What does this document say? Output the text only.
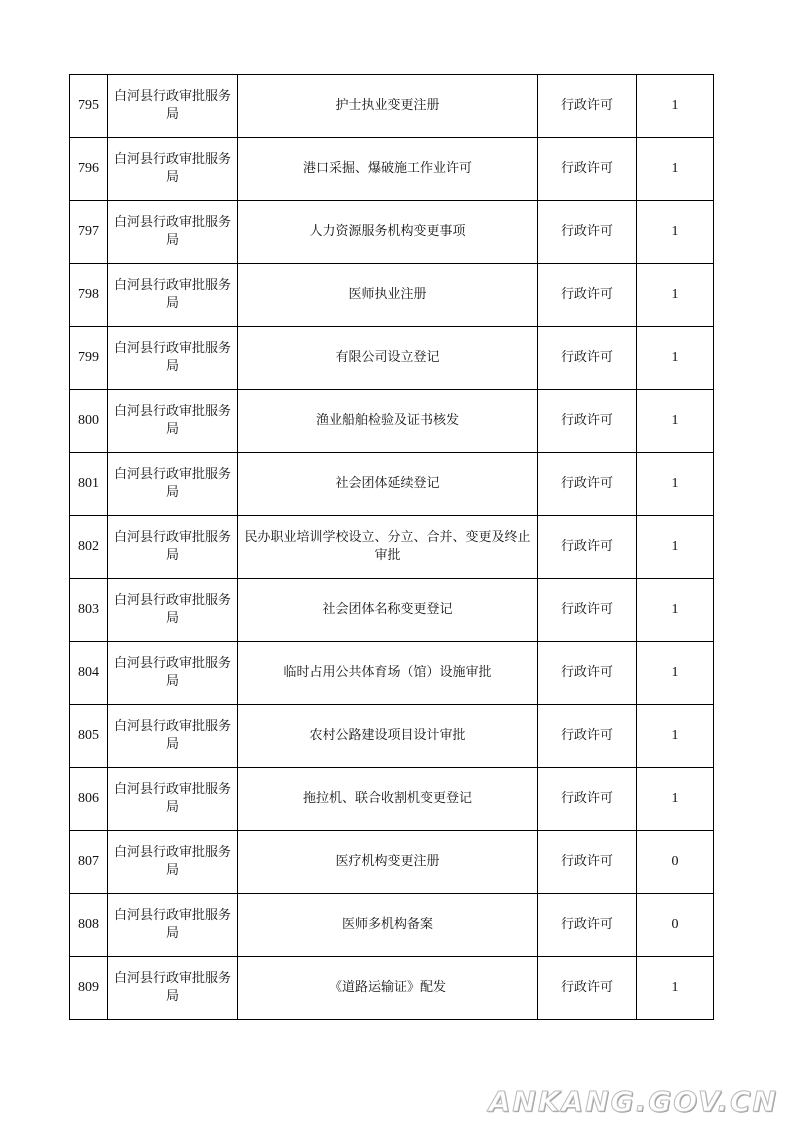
795	白河县行政审批服务局	护士执业变更注册	行政许可	1
796	白河县行政审批服务局	港口采掘、爆破施工作业许可	行政许可	1
797	白河县行政审批服务局	人力资源服务机构变更事项	行政许可	1
798	白河县行政审批服务局	医师执业注册	行政许可	1
799	白河县行政审批服务局	有限公司设立登记	行政许可	1
800	白河县行政审批服务局	渔业船舶检验及证书核发	行政许可	1
801	白河县行政审批服务局	社会团体延续登记	行政许可	1
802	白河县行政审批服务局	民办职业培训学校设立、分立、合并、变更及终止审批	行政许可	1
803	白河县行政审批服务局	社会团体名称变更登记	行政许可	1
804	白河县行政审批服务局	临时占用公共体育场（馆）设施审批	行政许可	1
805	白河县行政审批服务局	农村公路建设项目设计审批	行政许可	1
806	白河县行政审批服务局	拖拉机、联合收割机变更登记	行政许可	1
807	白河县行政审批服务局	医疗机构变更注册	行政许可	0
808	白河县行政审批服务局	医师多机构备案	行政许可	0
809	白河县行政审批服务局	《道路运输证》配发	行政许可	1
ANKANG.GOV.CN
